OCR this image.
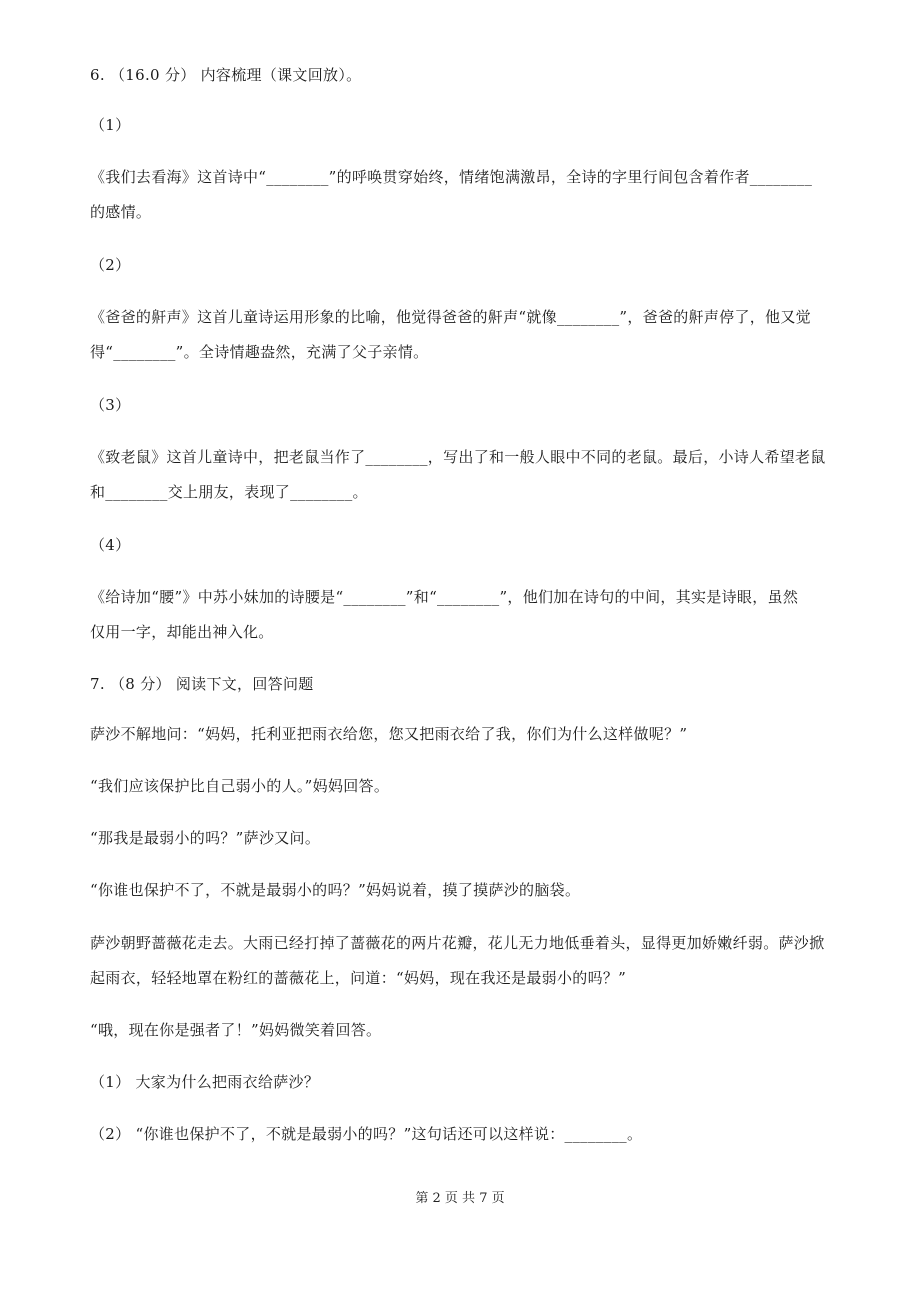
6. （16.0 分） 内容梳理（课文回放）。
（1）
《我们去看海》这首诗中“________”的呼唤贯穿始终，情绪饱满激昂，全诗的字里行间包含着作者________
的感情。
（2）
《爸爸的鼾声》这首儿童诗运用形象的比喻，他觉得爸爸的鼾声“就像________”，爸爸的鼾声停了，他又觉
得“________”。全诗情趣盎然，充满了父子亲情。
（3）
《致老鼠》这首儿童诗中，把老鼠当作了________，写出了和一般人眼中不同的老鼠。最后，小诗人希望老鼠
和________交上朋友，表现了________。
（4）
《给诗加“腰”》中苏小妹加的诗腰是“________”和“________”，他们加在诗句的中间，其实是诗眼，虽然
仅用一字，却能出神入化。
7. （8 分） 阅读下文，回答问题
萨沙不解地问：“妈妈，托利亚把雨衣给您，您又把雨衣给了我，你们为什么这样做呢？”
“我们应该保护比自己弱小的人。”妈妈回答。
“那我是最弱小的吗？”萨沙又问。
“你谁也保护不了，不就是最弱小的吗？”妈妈说着，摸了摸萨沙的脑袋。
萨沙朝野蔷薇花走去。大雨已经打掉了蔷薇花的两片花瓣，花儿无力地低垂着头，显得更加娇嫩纤弱。萨沙掀
起雨衣，轻轻地罩在粉红的蔷薇花上，问道：“妈妈，现在我还是最弱小的吗？”
“哦，现在你是强者了！”妈妈微笑着回答。
（1） 大家为什么把雨衣给萨沙？
（2） “你谁也保护不了，不就是最弱小的吗？”这句话还可以这样说：________。
第 2 页 共 7 页
